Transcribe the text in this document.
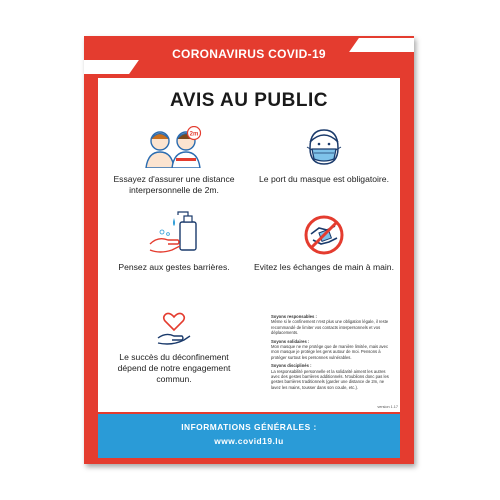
CORONAVIRUS COVID-19
AVIS AU PUBLIC
2m
Essayez d'assurer une distance interpersonnelle de 2m.
Le port du masque est obligatoire.
Pensez aux gestes barrières.	Evitez les échanges de main à main.
Le succès du déconfinement dépend de notre engagement commun.
Soyons responsables :
Même si le confinement n'est plus une obligation légale, il reste recommandé de limiter vos contacts interpersonnels et vos déplacements.
Soyons solidaires :
Mon masque ne me protège que de manière limitée, mais avec mon masque je protège les gens autour de moi. Pensons à protéger surtout les personnes vulnérables.
Soyons disciplinés :
La responsabilité personnelle et la solidarité aiment les autres avec des gestes barrières additionnels. N'oublions donc pas les gestes barrières traditionnels (garder une distance de 2m, ne lavez les mains, tousser dans son coude, etc.).
version 1.17
INFORMATIONS GÉNÉRALES :
www.covid19.lu
